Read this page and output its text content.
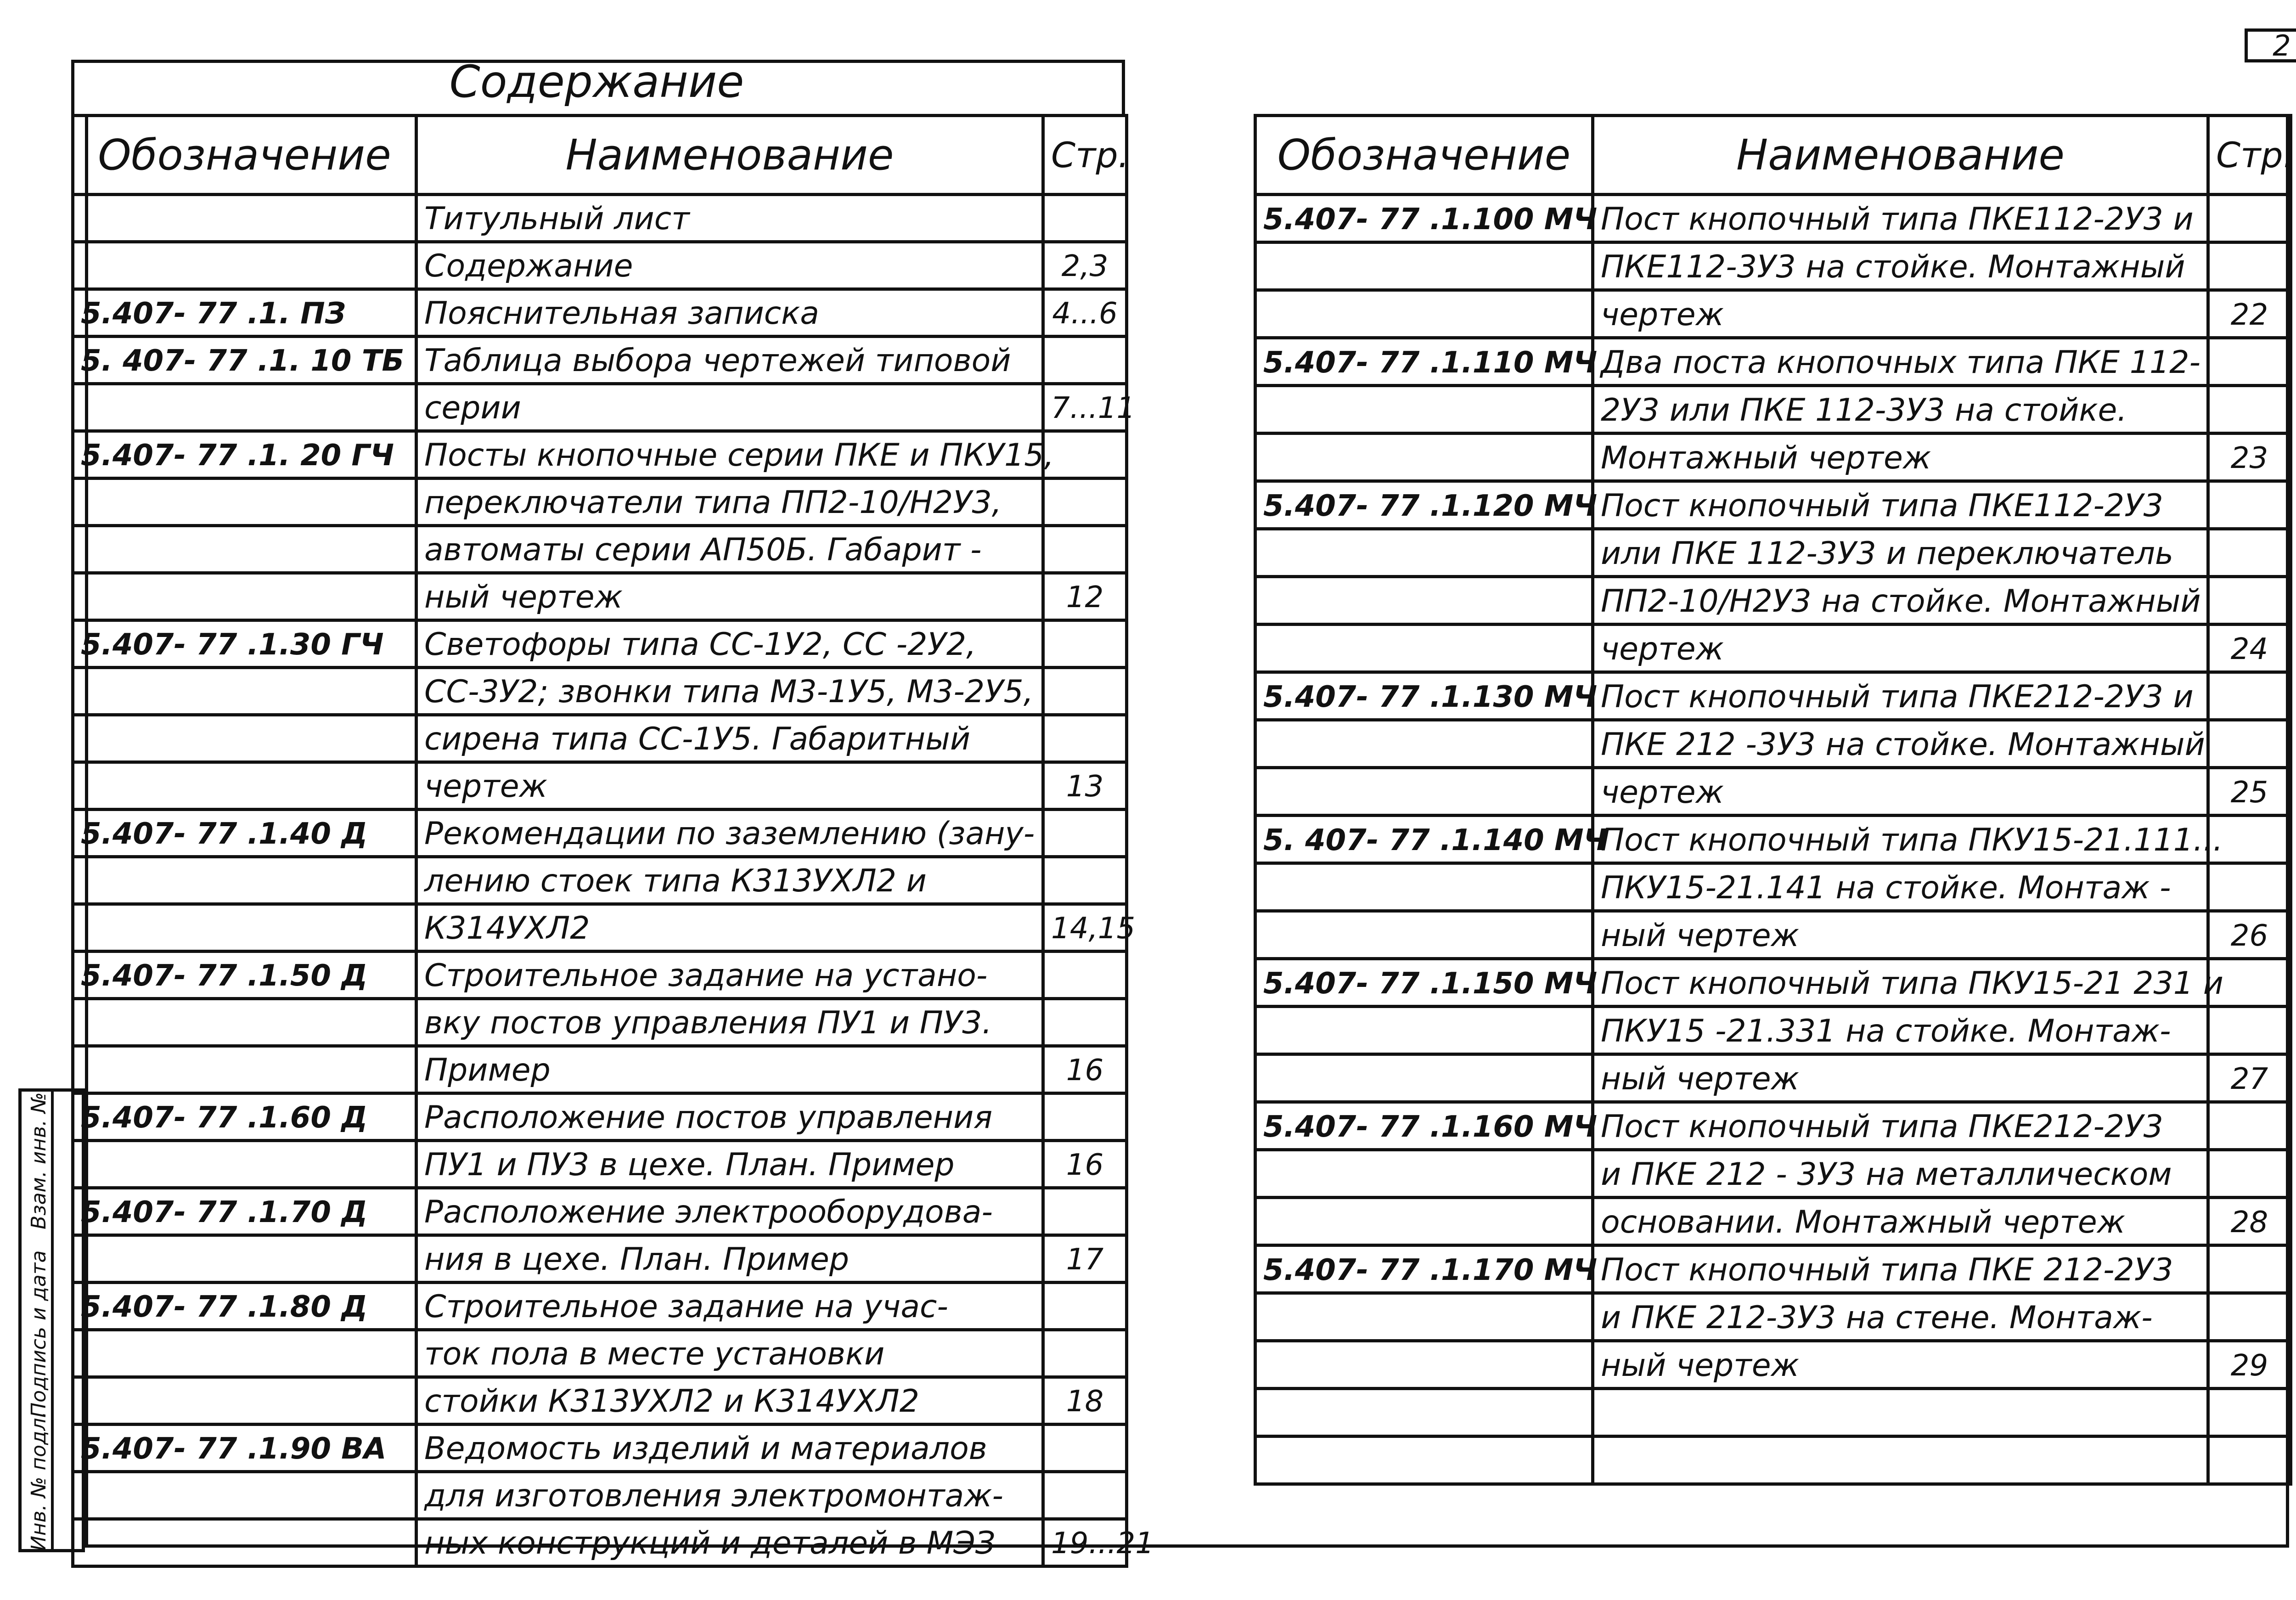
2
Содержание
Обозначение	Наименование	Стр.
	Титульный лист	
	Содержание	2,3
5.407- 77 .1. ПЗ	Пояснительная записка	4...6
5. 407- 77 .1. 10 ТБ	Таблица выбора чертежей типовой	
	серии	7...11
5.407- 77 .1. 20 ГЧ	Посты кнопочные серии ПКЕ и ПКУ15,	
	переключатели типа ПП2-10/Н2У3,	
	автоматы серии АП50Б. Габарит -	
	ный чертеж	12
5.407- 77 .1.30 ГЧ	Светофоры типа СС-1У2, СС -2У2,	
	СС-3У2; звонки типа М3-1У5, М3-2У5,	
	сирена типа СС-1У5. Габаритный	
	чертеж	13
5.407- 77 .1.40 Д	Рекомендации по заземлению (зану-	
	лению стоек типа К313УХЛ2 и	
	К314УХЛ2	14,15
5.407- 77 .1.50 Д	Строительное задание на устано-	
	вку постов управления ПУ1 и ПУ3.	
	Пример	16
5.407- 77 .1.60 Д	Расположение постов управления	
	ПУ1 и ПУ3 в цехе. План. Пример	16
5.407- 77 .1.70 Д	Расположение электрооборудова-	
	ния в цехе. План. Пример	17
5.407- 77 .1.80 Д	Строительное задание на учас-	
	ток пола в месте установки	
	стойки К313УХЛ2 и К314УХЛ2	18
5.407- 77 .1.90 ВА	Ведомость изделий и материалов	
	для изготовления электромонтаж-	
	ных конструкций и деталей в МЭЗ	19...21
Обозначение	Наименование	Стр.
5.407- 77 .1.100 МЧ	Пост кнопочный типа ПКЕ112-2У3 и	
	ПКЕ112-3У3 на стойке. Монтажный	
	чертеж	22
5.407- 77 .1.110 МЧ	Два поста кнопочных типа ПКЕ 112-	
	2У3 или ПКЕ 112-3У3 на стойке.	
	Монтажный чертеж	23
5.407- 77 .1.120 МЧ	Пост кнопочный типа ПКЕ112-2У3	
	или ПКЕ 112-3У3 и переключатель	
	ПП2-10/Н2У3 на стойке. Монтажный	
	чертеж	24
5.407- 77 .1.130 МЧ	Пост кнопочный типа ПКЕ212-2У3 и	
	ПКЕ 212 -3У3 на стойке. Монтажный	
	чертеж	25
5. 407- 77 .1.140 МЧ	Пост кнопочный типа ПКУ15-21.111...	
	ПКУ15-21.141 на стойке. Монтаж -	
	ный чертеж	26
5.407- 77 .1.150 МЧ	Пост кнопочный типа ПКУ15-21 231 и	
	ПКУ15 -21.331 на стойке. Монтаж-	
	ный чертеж	27
5.407- 77 .1.160 МЧ	Пост кнопочный типа ПКЕ212-2У3	
	и ПКЕ 212 - 3У3 на металлическом	
	основании. Монтажный чертеж	28
5.407- 77 .1.170 МЧ	Пост кнопочный типа ПКЕ 212-2У3	
	и ПКЕ 212-3У3 на стене. Монтаж-	
	ный чертеж	29

Инв. № подл.
Подпись и дата
Взам. инв. №
